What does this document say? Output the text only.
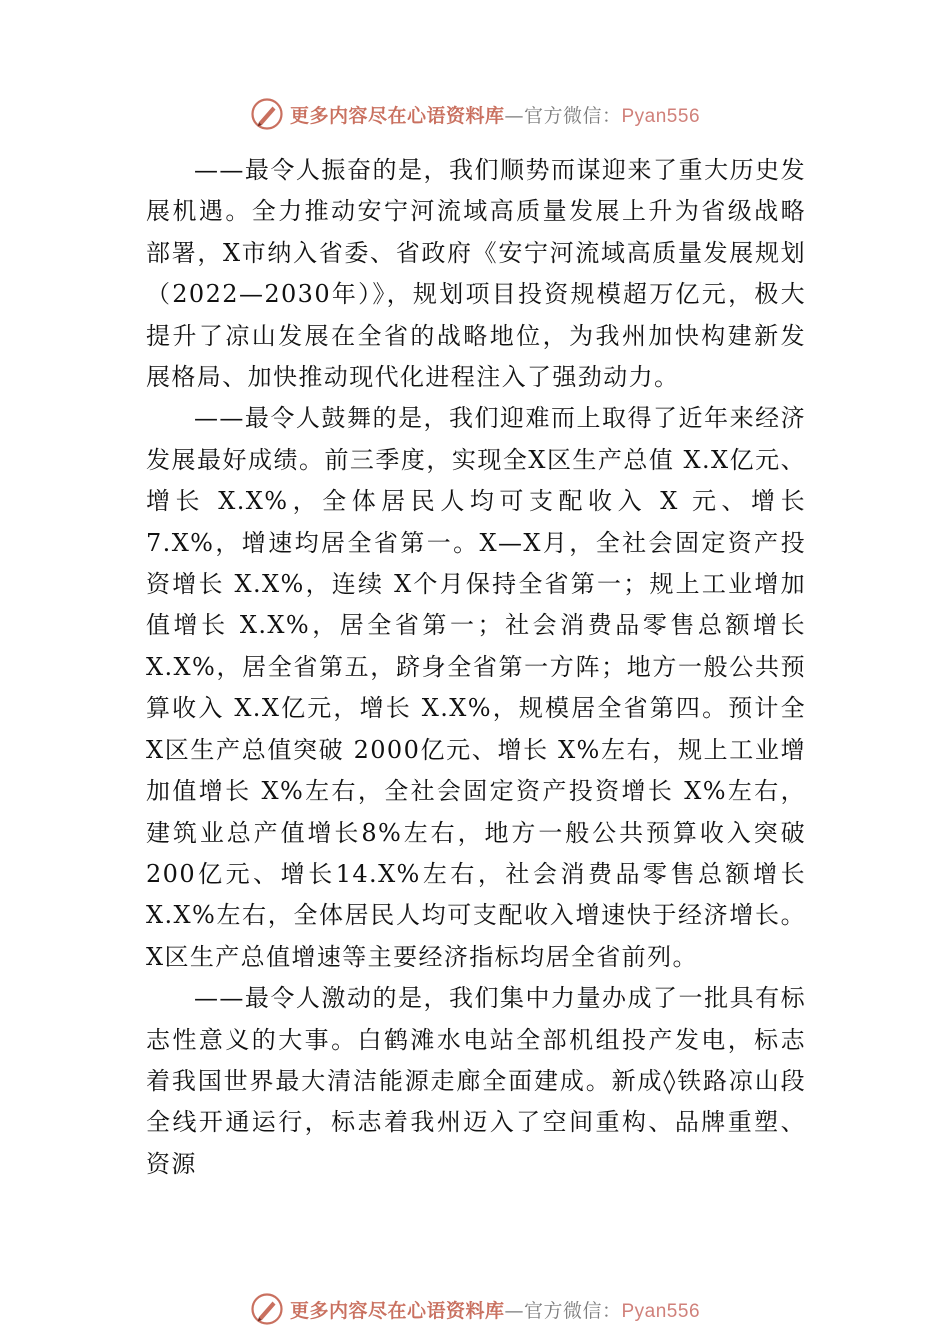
更多内容尽在心语资料库—官方微信：Pyan556

——最令人振奋的是，我们顺势而谋迎来了重大历史发展机遇。全力推动安宁河流域高质量发展上升为省级战略部署，X市纳入省委、省政府《安宁河流域高质量发展规划（2022—2030年）》，规划项目投资规模超万亿元，极大提升了凉山发展在全省的战略地位，为我州加快构建新发展格局、加快推动现代化进程注入了强劲动力。

——最令人鼓舞的是，我们迎难而上取得了近年来经济发展最好成绩。前三季度，实现全X区生产总值 X.X亿元、增长 X.X%，全体居民人均可支配收入 X 元、增长7.X%，增速均居全省第一。X—X月，全社会固定资产投资增长 X.X%，连续 X个月保持全省第一；规上工业增加值增长 X.X%，居全省第一；社会消费品零售总额增长X.X%，居全省第五，跻身全省第一方阵；地方一般公共预算收入 X.X亿元，增长 X.X%，规模居全省第四。预计全X区生产总值突破 2000亿元、增长 X%左右，规上工业增加值增长 X%左右，全社会固定资产投资增长 X%左右，建筑业总产值增长8%左右，地方一般公共预算收入突破200亿元、增长14.X%左右，社会消费品零售总额增长 X.X%左右，全体居民人均可支配收入增速快于经济增长。X区生产总值增速等主要经济指标均居全省前列。

——最令人激动的是，我们集中力量办成了一批具有标志性意义的大事。白鹤滩水电站全部机组投产发电，标志着我国世界最大清洁能源走廊全面建成。新成◊铁路凉山段全线开通运行，标志着我州迈入了空间重构、品牌重塑、资源

更多内容尽在心语资料库—官方微信：Pyan556
